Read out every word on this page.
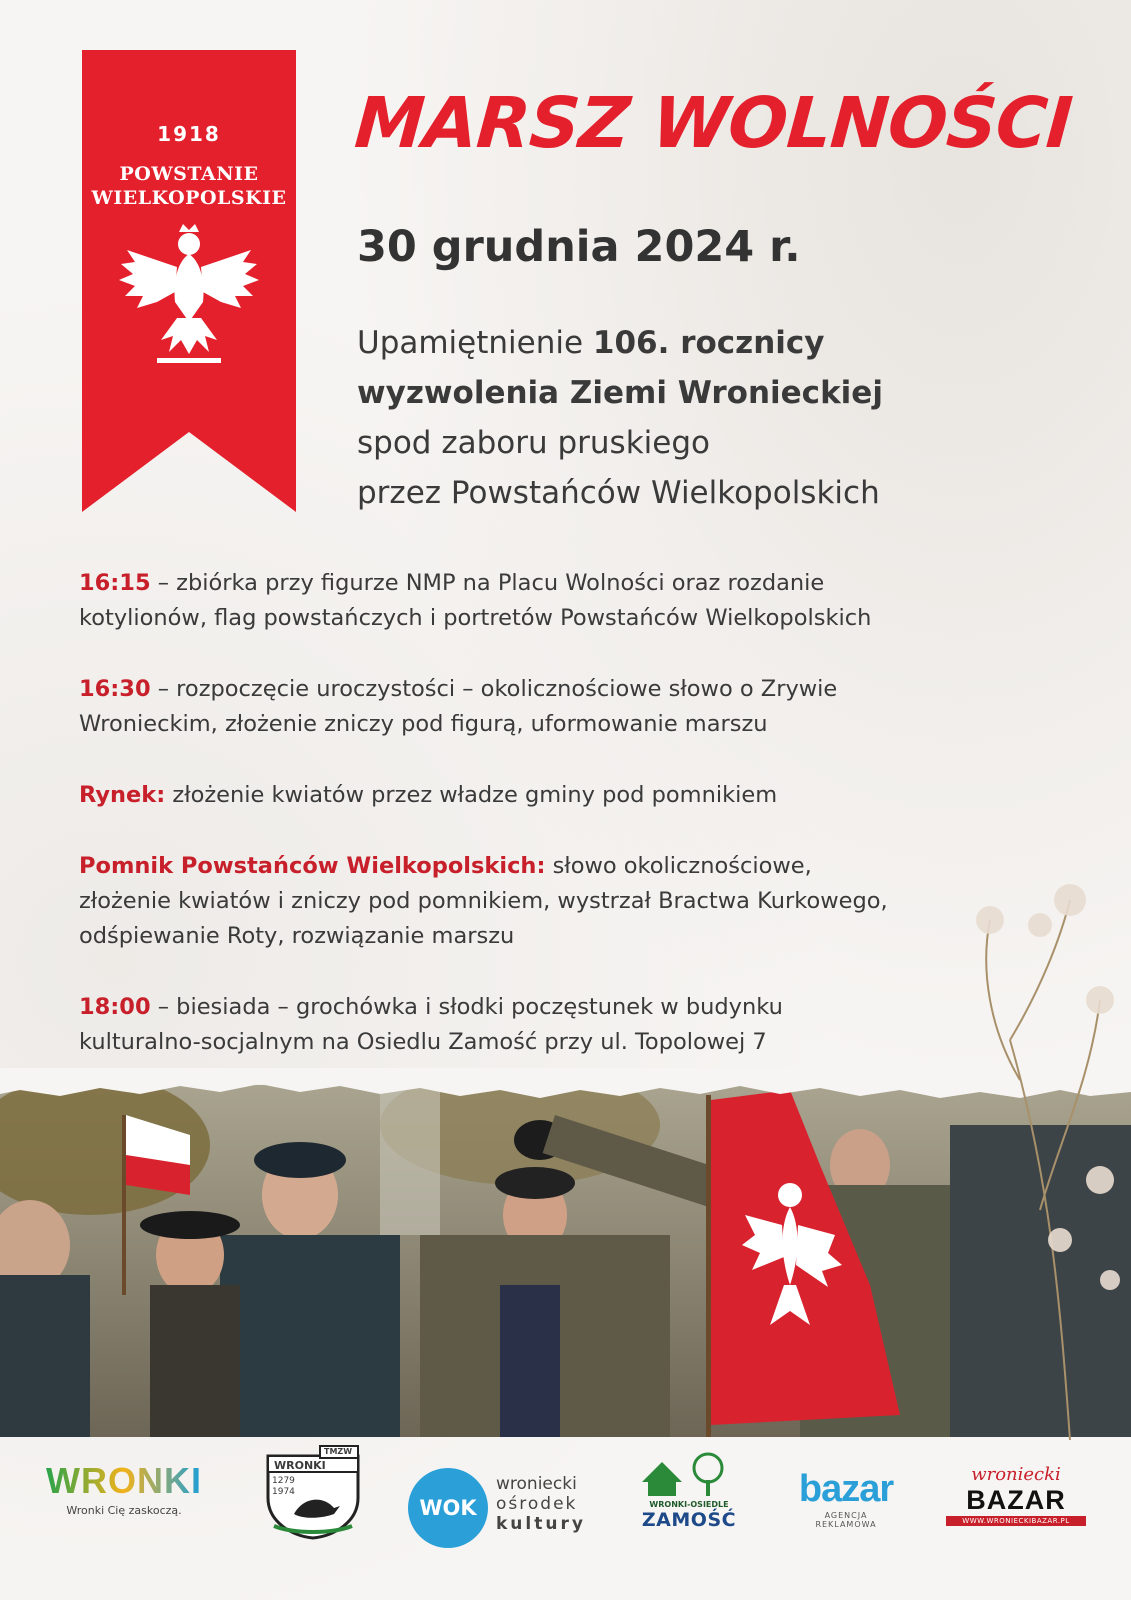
1918
POWSTANIE
WIELKOPOLSKIE
MARSZ WOLNOŚCI
30 grudnia 2024 r.
Upamiętnienie 106. rocznicy
wyzwolenia Ziemi Wronieckiej
spod zaboru pruskiego
przez Powstańców Wielkopolskich
16:15 – zbiórka przy figurze NMP na Placu Wolności oraz rozdanie
kotylionów, flag powstańczych i portretów Powstańców Wielkopolskich
16:30 – rozpoczęcie uroczystości – okolicznościowe słowo o Zrywie
Wronieckim, złożenie zniczy pod figurą, uformowanie marszu
Rynek: złożenie kwiatów przez władze gminy pod pomnikiem
Pomnik Powstańców Wielkopolskich: słowo okolicznościowe,
złożenie kwiatów i zniczy pod pomnikiem, wystrzał Bractwa Kurkowego,
odśpiewanie Roty, rozwiązanie marszu
18:00 – biesiada – grochówka i słodki poczęstunek w budynku
kulturalno-socjalnym na Osiedlu Zamość przy ul. Topolowej 7
WRONKI
Wronki Cię zaskoczą.
TMZW
WRONKI
1279
1974
WOK
wroniecki
ośrodek
kultury
WRONKI-OSIEDLE
ZAMOŚĆ
bazar
AGENCJA REKLAMOWA
wroniecki
BAZAR
WWW.WRONIECKIBAZAR.PL
